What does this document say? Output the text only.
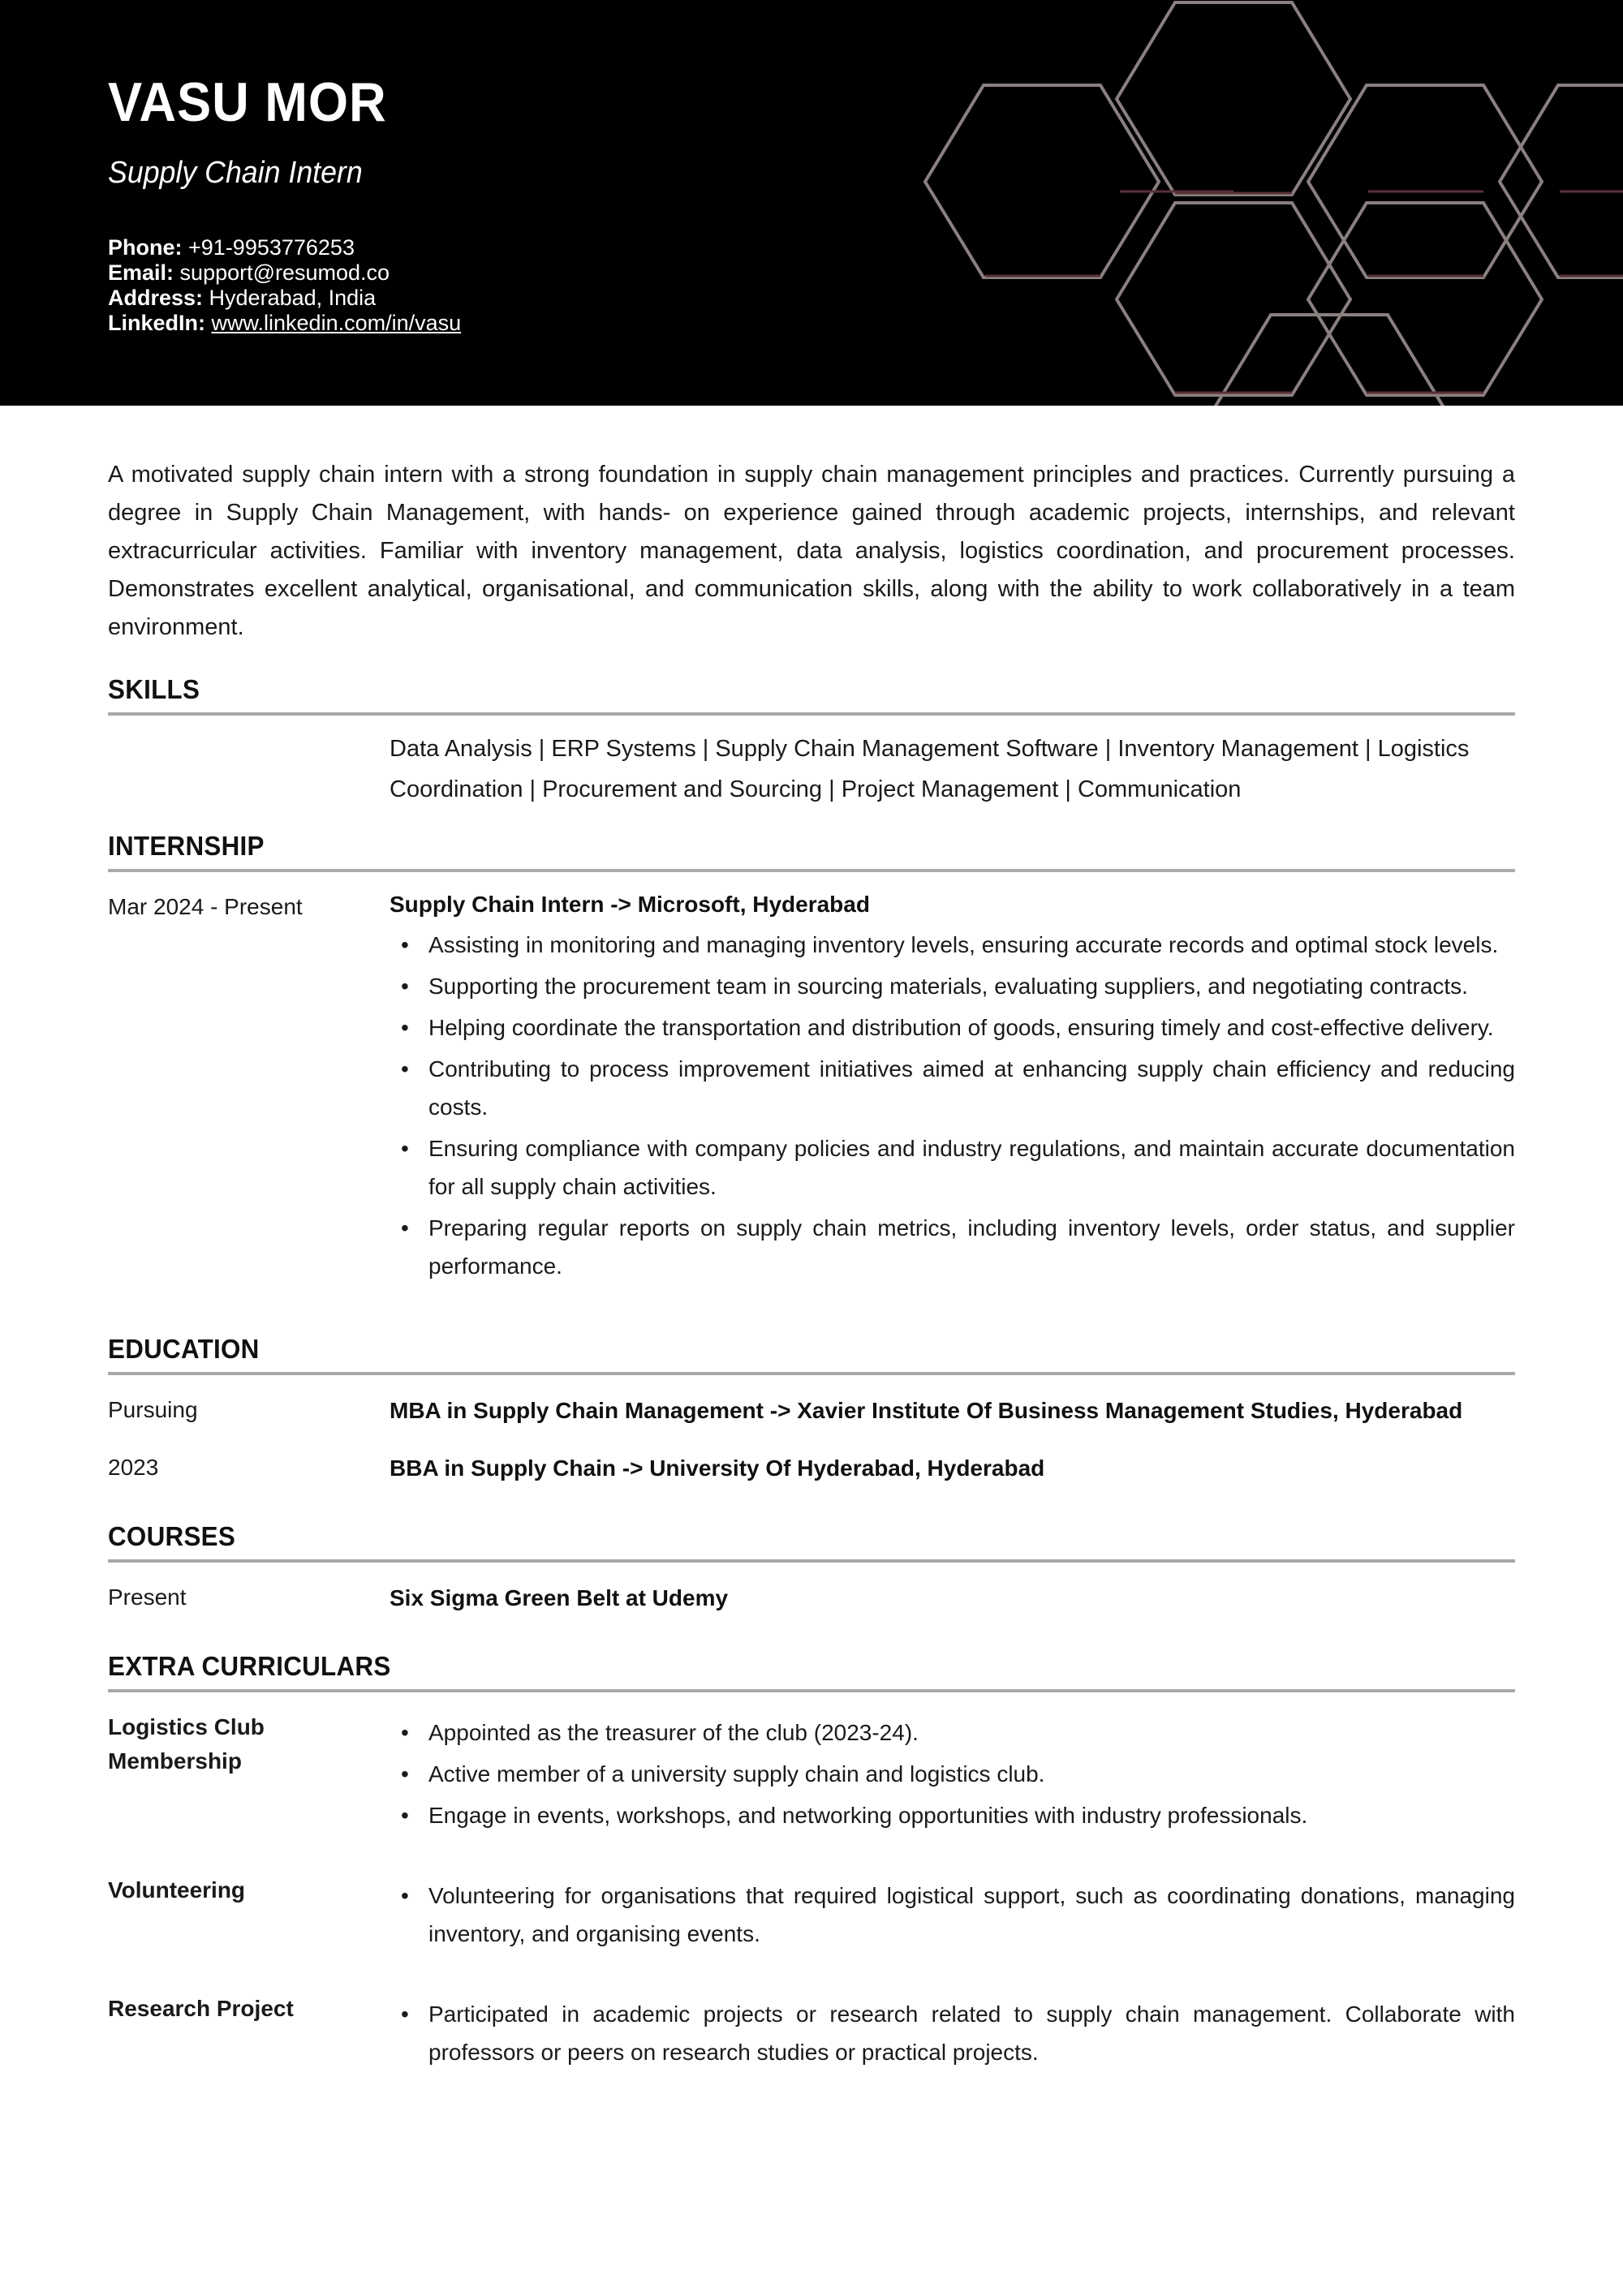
VASU MOR
Supply Chain Intern
Phone: +91-9953776253
Email: support@resumod.co
Address: Hyderabad, India
LinkedIn: www.linkedin.com/in/vasu
A motivated supply chain intern with a strong foundation in supply chain management principles and practices. Currently pursuing a degree in Supply Chain Management, with hands- on experience gained through academic projects, internships, and relevant extracurricular activities. Familiar with inventory management, data analysis, logistics coordination, and procurement processes. Demonstrates excellent analytical, organisational, and communication skills, along with the ability to work collaboratively in a team environment.
SKILLS
Data Analysis | ERP Systems | Supply Chain Management Software | Inventory Management | Logistics Coordination | Procurement and Sourcing | Project Management | Communication
INTERNSHIP
Mar 2024 - Present	Supply Chain Intern -> Microsoft, Hyderabad
• Assisting in monitoring and managing inventory levels, ensuring accurate records and optimal stock levels.
• Supporting the procurement team in sourcing materials, evaluating suppliers, and negotiating contracts.
• Helping coordinate the transportation and distribution of goods, ensuring timely and cost-effective delivery.
• Contributing to process improvement initiatives aimed at enhancing supply chain efficiency and reducing costs.
• Ensuring compliance with company policies and industry regulations, and maintain accurate documentation for all supply chain activities.
• Preparing regular reports on supply chain metrics, including inventory levels, order status, and supplier performance.
EDUCATION
Pursuing	MBA in Supply Chain Management -> Xavier Institute Of Business Management Studies, Hyderabad
2023	BBA in Supply Chain -> University Of Hyderabad, Hyderabad
COURSES
Present	Six Sigma Green Belt at Udemy
EXTRA CURRICULARS
Logistics Club Membership
• Appointed as the treasurer of the club (2023-24).
• Active member of a university supply chain and logistics club.
• Engage in events, workshops, and networking opportunities with industry professionals.
Volunteering	• Volunteering for organisations that required logistical support, such as coordinating donations, managing inventory, and organising events.
Research Project	• Participated in academic projects or research related to supply chain management. Collaborate with professors or peers on research studies or practical projects.
